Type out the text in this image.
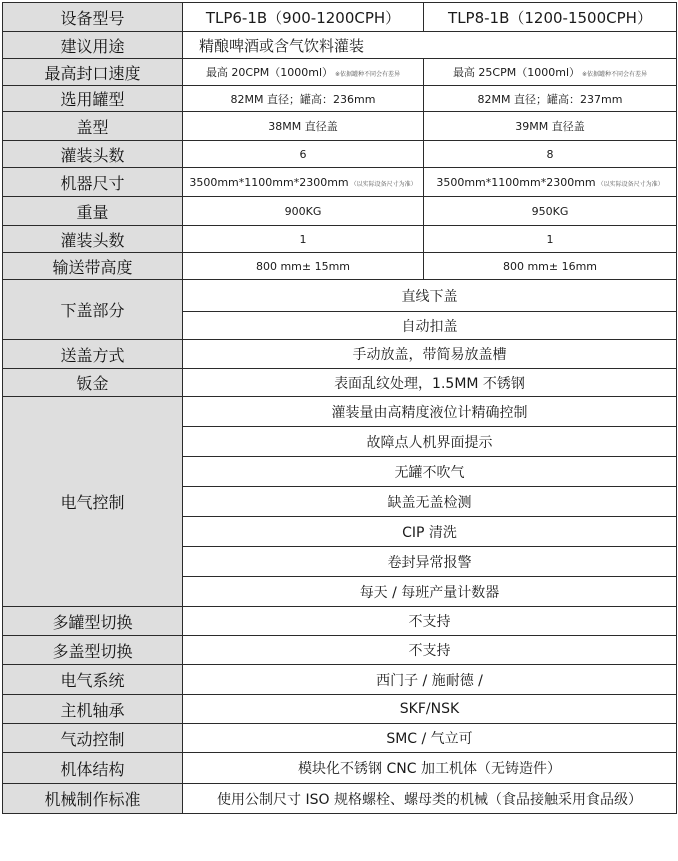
设备型号	TLP6-1B（900-1200CPH）	TLP8-1B（1200-1500CPH）
建议用途	精酿啤酒或含气饮料灌装	
最高封口速度	最高 20CPM（1000ml） ※依据罐种不同会有差异	最高 25CPM（1000ml） ※依据罐种不同会有差异
选用罐型	82MM 直径；罐高：236mm	82MM 直径；罐高：237mm
盖型	38MM 直径盖	39MM 直径盖
灌装头数	6	8
机器尺寸	3500mm*1100mm*2300mm （以实际设备尺寸为准）	3500mm*1100mm*2300mm （以实际设备尺寸为准）
重量	900KG	950KG
灌装头数	1	1
输送带高度	800 mm± 15mm	800 mm± 16mm
下盖部分	直线下盖	
	自动扣盖	
送盖方式	手动放盖，带简易放盖槽	
钣金	表面乱纹处理，1.5MM 不锈钢	
电气控制	灌装量由高精度液位计精确控制	
	故障点人机界面提示	
	无罐不吹气	
	缺盖无盖检测	
	CIP 清洗	
	卷封异常报警	
	每天 / 每班产量计数器	
多罐型切换	不支持	
多盖型切换	不支持	
电气系统	西门子 / 施耐德 /	
主机轴承	SKF/NSK	
气动控制	SMC / 气立可	
机体结构	模块化不锈钢 CNC 加工机体（无铸造件）	
机械制作标准	使用公制尺寸 ISO 规格螺栓、螺母类的机械（食品接触采用食品级）	
